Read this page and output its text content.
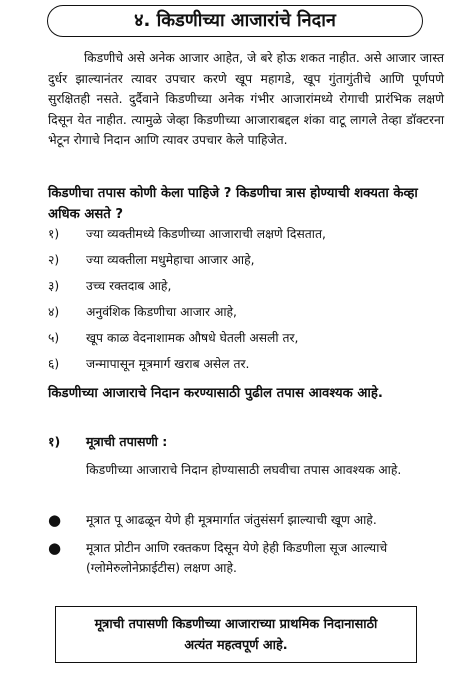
४. किडणीच्या आजारांचे निदान

किडणीचे असे अनेक आजार आहेत, जे बरे होऊ शकत नाहीत. असे आजार जास्त दुर्धर झाल्यानंतर त्यावर उपचार करणे खूप महागडे, खूप गुंतागुंतीचे आणि पूर्णपणे सुरक्षितही नसते. दुर्दैवाने किडणीच्या अनेक गंभीर आजारांमध्ये रोगाची प्रारंभिक लक्षणे दिसून येत नाहीत. त्यामुळे जेव्हा किडणीच्या आजाराबद्दल शंका वाटू लागले तेव्हा डॉक्टरना भेटून रोगाचे निदान आणि त्यावर उपचार केले पाहिजेत.

किडणीचा तपास कोणी केला पाहिजे ? किडणीचा त्रास होण्याची शक्यता केव्हा अधिक असते ?

१)	ज्या व्यक्तीमध्ये किडणीच्या आजाराची लक्षणे दिसतात,
२)	ज्या व्यक्तीला मधुमेहाचा आजार आहे,
३)	उच्च रक्तदाब आहे,
४)	अनुवंशिक किडणीचा आजार आहे,
५)	खूप काळ वेदनाशामक औषधे घेतली असली तर,
६)	जन्मापासून मूत्रमार्ग खराब असेल तर.

किडणीच्या आजाराचे निदान करण्यासाठी पुढील तपास आवश्यक आहे.

१)	मूत्राची तपासणी :

किडणीच्या आजाराचे निदान होण्यासाठी लघवीचा तपास आवश्यक आहे.

●	मूत्रात पू आढळून येणे ही मूत्रमार्गात जंतुसंसर्ग झाल्याची खूण आहे.
●	मूत्रात प्रोटीन आणि रक्तकण दिसून येणे हेही किडणीला सूज आल्याचे (ग्लोमेरुलोनेफ्राईटीस) लक्षण आहे.
मूत्राची तपासणी किडणीच्या आजाराच्या प्राथमिक निदानासाठी अत्यंत महत्वपूर्ण आहे.
